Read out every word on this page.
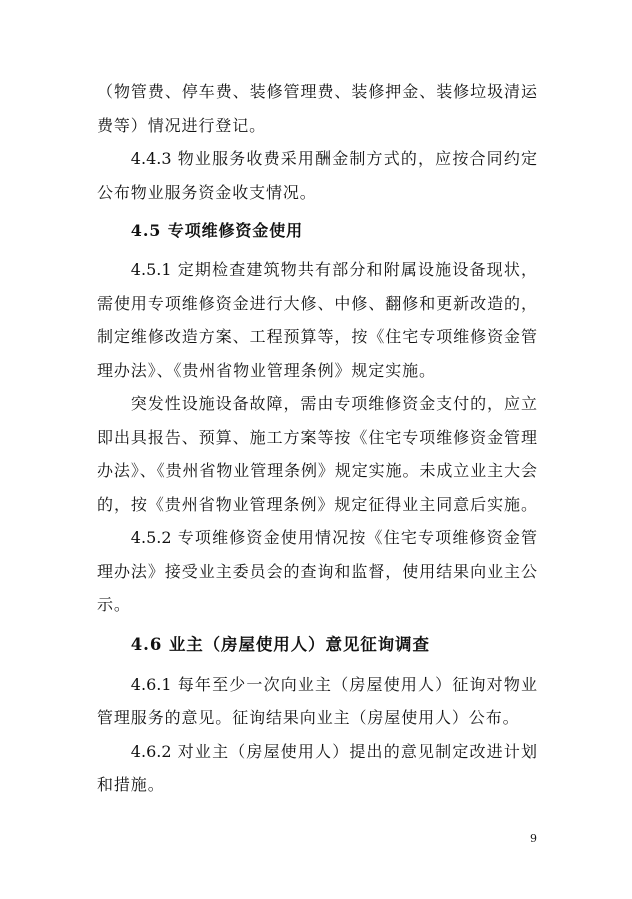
（物管费、停车费、装修管理费、装修押金、装修垃圾清运
费等）情况进行登记。
4.4.3 物业服务收费采用酬金制方式的，应按合同约定
公布物业服务资金收支情况。
4.5 专项维修资金使用
4.5.1 定期检查建筑物共有部分和附属设施设备现状，
需使用专项维修资金进行大修、中修、翻修和更新改造的，
制定维修改造方案、工程预算等，按《住宅专项维修资金管
理办法》、《贵州省物业管理条例》规定实施。
突发性设施设备故障，需由专项维修资金支付的，应立
即出具报告、预算、施工方案等按《住宅专项维修资金管理
办法》、《贵州省物业管理条例》规定实施。未成立业主大会
的，按《贵州省物业管理条例》规定征得业主同意后实施。
4.5.2 专项维修资金使用情况按《住宅专项维修资金管
理办法》接受业主委员会的查询和监督，使用结果向业主公
示。
4.6 业主（房屋使用人）意见征询调查
4.6.1 每年至少一次向业主（房屋使用人）征询对物业
管理服务的意见。征询结果向业主（房屋使用人）公布。
4.6.2 对业主（房屋使用人）提出的意见制定改进计划
和措施。
9
